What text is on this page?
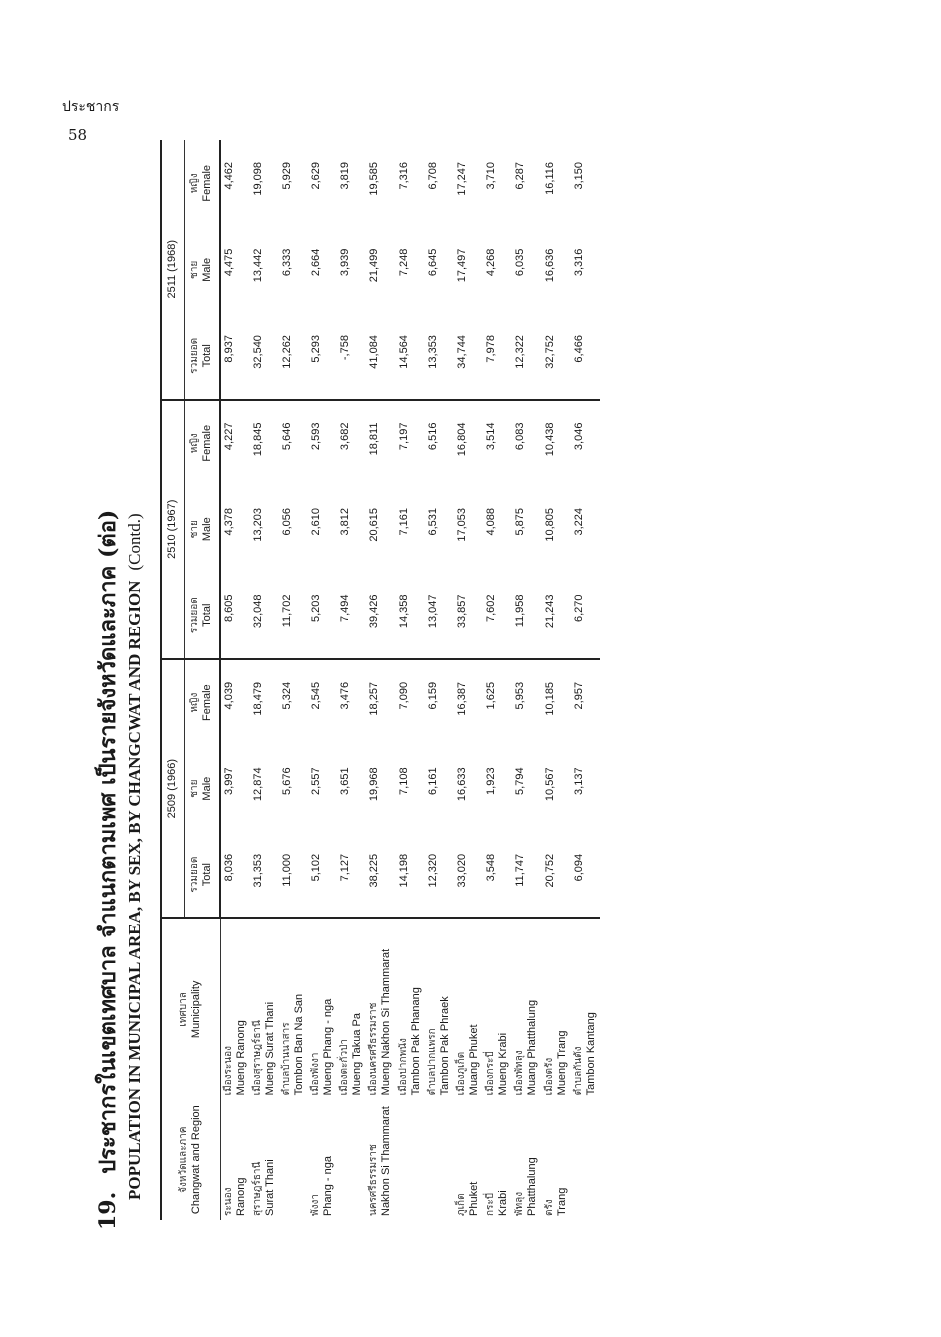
ประชากร
58
19.ประชากรในเขตเทศบาล จำแนกตามเพศ เป็นรายจังหวัดและภาค (ต่อ) POPULATION IN MUNICIPAL AREA, BY SEX, BY CHANGCWAT AND REGION(Contd.)
จังหวัดและภาค Changwat and Region	เทศบาล Municipality	2509 (1966)			2510 (1967)			2511 (1968)		

		รวมยอด Total	ชาย Male	หญิง Female	รวมยอด Total	ชาย Male	หญิง Female	รวมยอด Total	ชาย Male	หญิง Female

ระนอง Ranong	เมืองระนอง Mueng Ranong	8,036	3,997	4,039	8,605	4,378	4,227	8,937	4,475	4,462

สุราษฎร์ธานี Surat Thani	เมืองสุราษฎร์ธานี Mueng Surat Thani	31,353	12,874	18,479	32,048	13,203	18,845	32,540	13,442	19,098

	ตำบลบ้านนาสาร Tombon Ban Na San	11,000	5,676	5,324	11,702	6,056	5,646	12,262	6,333	5,929

พังงา Phang - nga	เมืองพังงา Mueng Phang - nga	5,102	2,557	2,545	5,203	2,610	2,593	5,293	2,664	2,629

	เมืองตะกั่วป่า Mueng Takua Pa	7,127	3,651	3,476	7,494	3,812	3,682	-,758	3,939	3,819

นครศรีธรรมราช Nakhon Si Thammarat	เมืองนครศรีธรรมราช Mueng Nakhon Si Thammarat	38,225	19,968	18,257	39,426	20,615	18,811	41,084	21,499	19,585

	เมืองปากพนัง Tambon Pak Phanang	14,198	7,108	7,090	14,358	7,161	7,197	14,564	7,248	7,316

	ตำบลปากแพรก Tambon Pak Phraek	12,320	6,161	6,159	13,047	6,531	6,516	13,353	6,645	6,708

ภูเก็ต Phuket	เมืองภูเก็ต Muang Phuket	33,020	16,633	16,387	33,857	17,053	16,804	34,744	17,497	17,247

กระบี่ Krabi	เมืองกระบี่ Mueng Krabi	3,548	1,923	1,625	7,602	4,088	3,514	7,978	4,268	3,710

พัทลุง Phatthalung	เมืองพัทลุง Muang Phatthalung	11,747	5,794	5,953	11,958	5,875	6,083	12,322	6,035	6,287

ตรัง Trang	เมืองตรัง Mueng Trang	20,752	10,567	10,185	21,243	10,805	10,438	32,752	16,636	16,116

	ตำบลกันตัง Tambon Kantang	6,094	3,137	2,957	6,270	3,224	3,046	6,466	3,316	3,150
